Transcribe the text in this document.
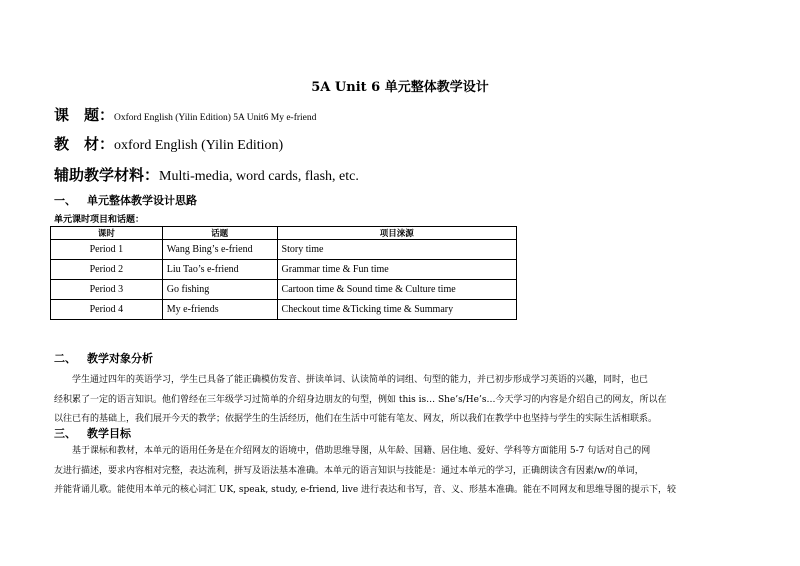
5A Unit 6 单元整体教学设计
课　题：Oxford English (Yilin Edition) 5A Unit6 My e-friend
教　材：oxford English (Yilin Edition)
辅助教学材料：Multi-media, word cards, flash, etc.
一、 单元整体教学设计思路
单元课时项目和话题：
课时	话题	项目涞源
Period 1	Wang Bing’s e-friend	Story time
Period 2	Liu Tao’s e-friend	Grammar time & Fun time
Period 3	Go fishing	Cartoon time & Sound time & Culture time
Period 4	My e-friends	Checkout time &Ticking time & Summary
二、 教学对象分析
学生通过四年的英语学习，学生已具备了能正确模仿发音、拼读单词、认读简单的词组、句型的能力，并已初步形成学习英语的兴趣，同时，也已
经积累了一定的语言知识。他们曾经在三年级学习过简单的介绍身边朋友的句型，例如 this is… She’s/He’s…今天学习的内容是介绍自己的网友，所以在
以往已有的基础上，我们展开今天的教学；依据学生的生活经历，他们在生活中可能有笔友、网友，所以我们在教学中也坚持与学生的实际生活相联系。
三、 教学目标
基于课标和教材，本单元的语用任务是在介绍网友的语境中，借助思维导图，从年龄、国籍、居住地、爱好、学科等方面能用 5-7 句话对自己的网
友进行描述，要求内容相对完整，表达流利，拼写及语法基本准确。本单元的语言知识与技能是：通过本单元的学习，正确朗读含有因素/w/的单词，
并能背诵儿歌。能使用本单元的核心词汇 UK, speak, study, e-friend, live 进行表达和书写，音、义、形基本准确。能在不同网友和思维导图的提示下，较
